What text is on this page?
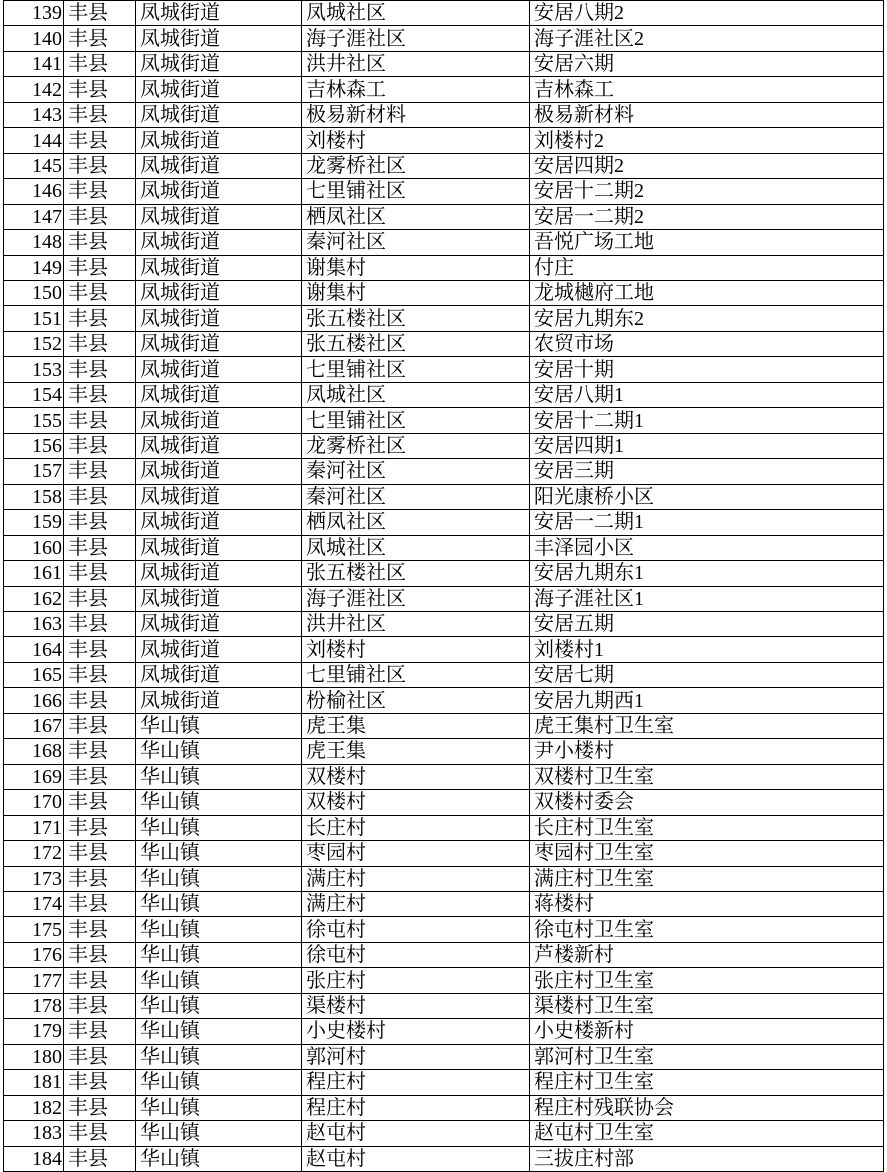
139 丰县	凤城街道	凤城社区	安居八期2
140 丰县	凤城街道	海子涯社区	海子涯社区2
141 丰县	凤城街道	洪井社区	安居六期
142 丰县	凤城街道	吉林森工	吉林森工
143 丰县	凤城街道	极易新材料	极易新材料
144 丰县	凤城街道	刘楼村	刘楼村2
145 丰县	凤城街道	龙雾桥社区	安居四期2
146 丰县	凤城街道	七里铺社区	安居十二期2
147 丰县	凤城街道	栖凤社区	安居一二期2
148 丰县	凤城街道	秦河社区	吾悦广场工地
149 丰县	凤城街道	谢集村	付庄
150 丰县	凤城街道	谢集村	龙城樾府工地
151 丰县	凤城街道	张五楼社区	安居九期东2
152 丰县	凤城街道	张五楼社区	农贸市场
153 丰县	凤城街道	七里铺社区	安居十期
154 丰县	凤城街道	凤城社区	安居八期1
155 丰县	凤城街道	七里铺社区	安居十二期1
156 丰县	凤城街道	龙雾桥社区	安居四期1
157 丰县	凤城街道	秦河社区	安居三期
158 丰县	凤城街道	秦河社区	阳光康桥小区
159 丰县	凤城街道	栖凤社区	安居一二期1
160 丰县	凤城街道	凤城社区	丰泽园小区
161 丰县	凤城街道	张五楼社区	安居九期东1
162 丰县	凤城街道	海子涯社区	海子涯社区1
163 丰县	凤城街道	洪井社区	安居五期
164 丰县	凤城街道	刘楼村	刘楼村1
165 丰县	凤城街道	七里铺社区	安居七期
166 丰县	凤城街道	枌榆社区	安居九期西1
167 丰县	华山镇	虎王集	虎王集村卫生室
168 丰县	华山镇	虎王集	尹小楼村
169 丰县	华山镇	双楼村	双楼村卫生室
170 丰县	华山镇	双楼村	双楼村委会
171 丰县	华山镇	长庄村	长庄村卫生室
172 丰县	华山镇	枣园村	枣园村卫生室
173 丰县	华山镇	满庄村	满庄村卫生室
174 丰县	华山镇	满庄村	蒋楼村
175 丰县	华山镇	徐屯村	徐屯村卫生室
176 丰县	华山镇	徐屯村	芦楼新村
177 丰县	华山镇	张庄村	张庄村卫生室
178 丰县	华山镇	渠楼村	渠楼村卫生室
179 丰县	华山镇	小史楼村	小史楼新村
180 丰县	华山镇	郭河村	郭河村卫生室
181 丰县	华山镇	程庄村	程庄村卫生室
182 丰县	华山镇	程庄村	程庄村残联协会
183 丰县	华山镇	赵屯村	赵屯村卫生室
184 丰县	华山镇	赵屯村	三拔庄村部
